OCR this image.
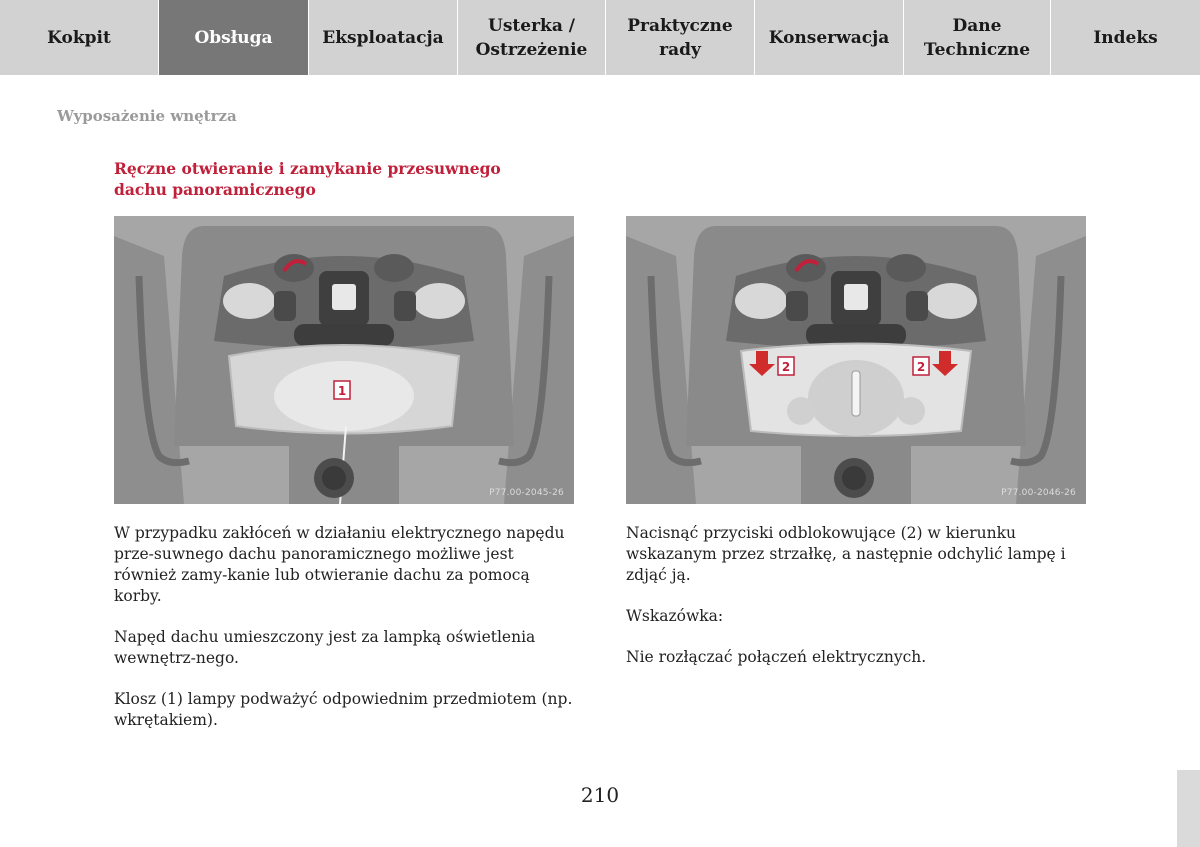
Kokpit	Obsługa	Eksploatacja
Usterka /
Ostrzeżenie
Praktyczne
rady
Konserwacja
Dane
Techniczne
Indeks
Wyposażenie wnętrza
Ręczne otwieranie i zamykanie przesuwnego dachu panoramicznego
1
P77.00-2045-26
2	2
P77.00-2046-26

W przypadku zakłóceń w działaniu elektrycznego napędu prze-suwnego dachu panoramicznego możliwe jest również zamy-kanie lub otwieranie dachu za pomocą korby.

Napęd dachu umieszczony jest za lampką oświetlenia wewnętrz-nego.

Klosz (1) lampy podważyć odpowiednim przedmiotem (np. wkrętakiem).

Nacisnąć przyciski odblokowujące (2) w kierunku wskazanym przez strzałkę, a następnie odchylić lampę i zdjąć ją.

Wskazówka:

Nie rozłączać połączeń elektrycznych.

210
